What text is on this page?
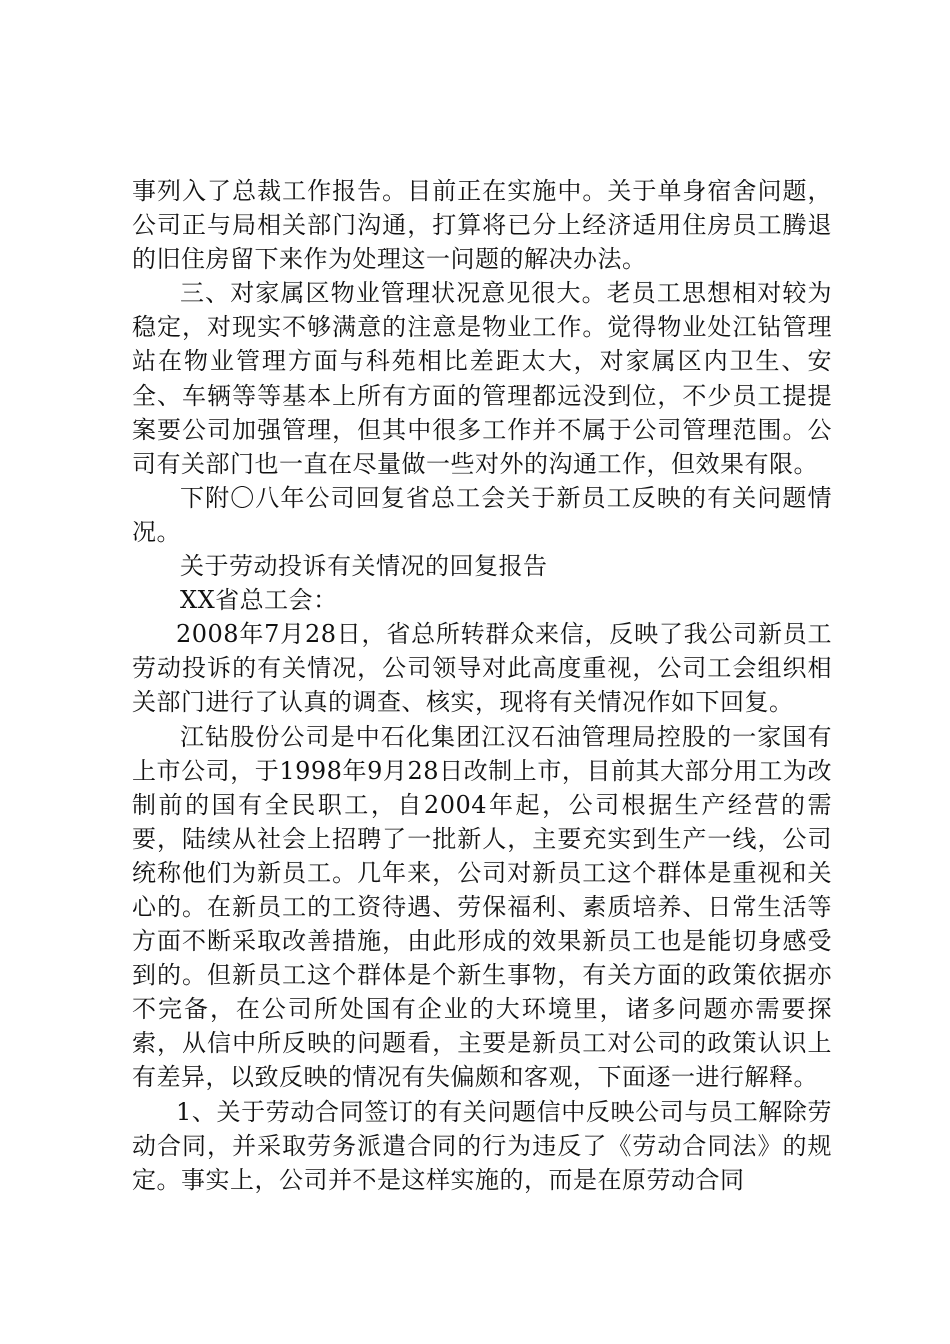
事列入了总裁工作报告。目前正在实施中。关于单身宿舍问题，公司正与局相关部门沟通，打算将已分上经济适用住房员工腾退的旧住房留下来作为处理这一问题的解决办法。

三、对家属区物业管理状况意见很大。老员工思想相对较为稳定，对现实不够满意的注意是物业工作。觉得物业处江钻管理站在物业管理方面与科苑相比差距太大，对家属区内卫生、安全、车辆等等基本上所有方面的管理都远没到位，不少员工提提案要公司加强管理，但其中很多工作并不属于公司管理范围。公司有关部门也一直在尽量做一些对外的沟通工作，但效果有限。

下附〇八年公司回复省总工会关于新员工反映的有关问题情况。

关于劳动投诉有关情况的回复报告

XX省总工会：

2008年7月28日，省总所转群众来信，反映了我公司新员工劳动投诉的有关情况，公司领导对此高度重视，公司工会组织相关部门进行了认真的调查、核实，现将有关情况作如下回复。

江钻股份公司是中石化集团江汉石油管理局控股的一家国有上市公司，于1998年9月28日改制上市，目前其大部分用工为改制前的国有全民职工，自2004年起，公司根据生产经营的需要，陆续从社会上招聘了一批新人，主要充实到生产一线，公司统称他们为新员工。几年来，公司对新员工这个群体是重视和关心的。在新员工的工资待遇、劳保福利、素质培养、日常生活等方面不断采取改善措施，由此形成的效果新员工也是能切身感受到的。但新员工这个群体是个新生事物，有关方面的政策依据亦不完备，在公司所处国有企业的大环境里，诸多问题亦需要探索，从信中所反映的问题看，主要是新员工对公司的政策认识上有差异，以致反映的情况有失偏颇和客观，下面逐一进行解释。

1、关于劳动合同签订的有关问题信中反映公司与员工解除劳动合同，并采取劳务派遣合同的行为违反了《劳动合同法》的规定。事实上，公司并不是这样实施的，而是在原劳动合同
